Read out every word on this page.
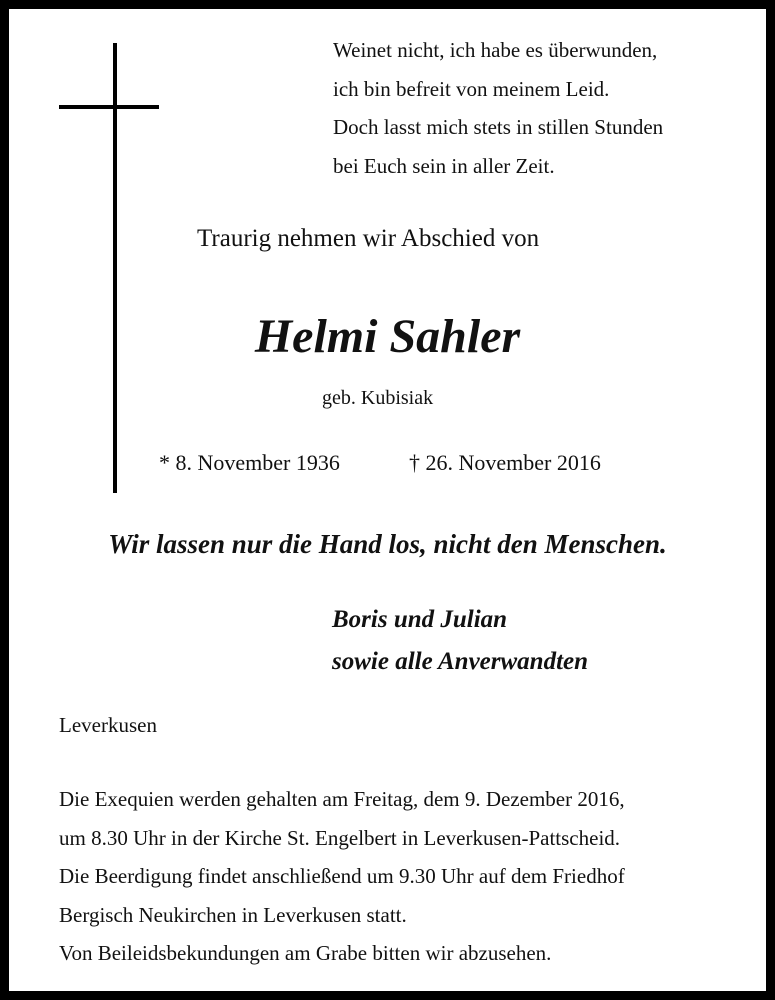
Weinet nicht, ich habe es überwunden,
ich bin befreit von meinem Leid.
Doch lasst mich stets in stillen Stunden
bei Euch sein in aller Zeit.
Traurig nehmen wir Abschied von
Helmi Sahler
geb. Kubisiak
* 8. November 1936	† 26. November 2016
Wir lassen nur die Hand los, nicht den Menschen.
Boris und Julian
sowie alle Anverwandten
Leverkusen
Die Exequien werden gehalten am Freitag, dem 9. Dezember 2016,
um 8.30 Uhr in der Kirche St. Engelbert in Leverkusen-Pattscheid.
Die Beerdigung findet anschließend um 9.30 Uhr auf dem Friedhof
Bergisch Neukirchen in Leverkusen statt.
Von Beileidsbekundungen am Grabe bitten wir abzusehen.
